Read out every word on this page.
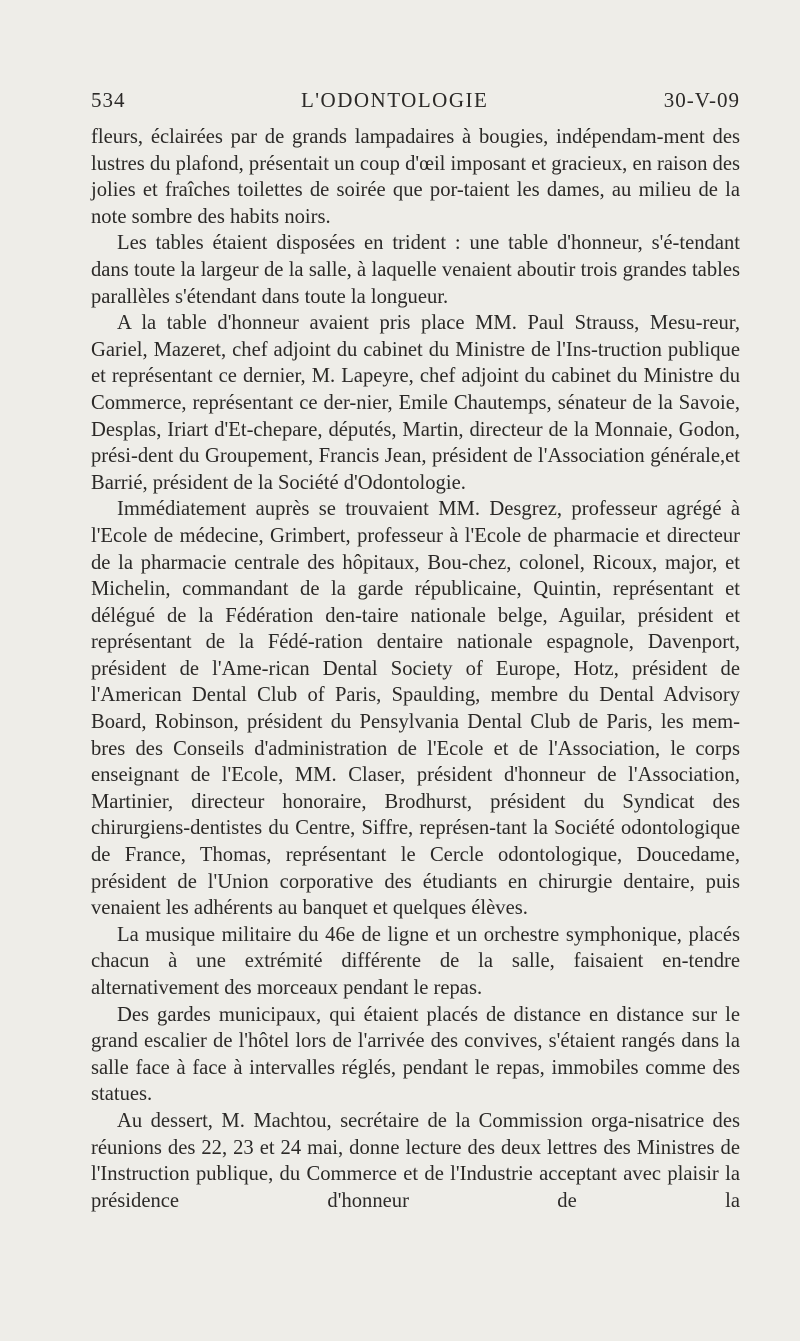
534	L'ODONTOLOGIE	30-V-09

fleurs, éclairées par de grands lampadaires à bougies, indépendam-ment des lustres du plafond, présentait un coup d'œil imposant et gracieux, en raison des jolies et fraîches toilettes de soirée que por-taient les dames, au milieu de la note sombre des habits noirs.

Les tables étaient disposées en trident : une table d'honneur, s'é-tendant dans toute la largeur de la salle, à laquelle venaient aboutir trois grandes tables parallèles s'étendant dans toute la longueur.

A la table d'honneur avaient pris place MM. Paul Strauss, Mesu-reur, Gariel, Mazeret, chef adjoint du cabinet du Ministre de l'Ins-truction publique et représentant ce dernier, M. Lapeyre, chef adjoint du cabinet du Ministre du Commerce, représentant ce der-nier, Emile Chautemps, sénateur de la Savoie, Desplas, Iriart d'Et-chepare, députés, Martin, directeur de la Monnaie, Godon, prési-dent du Groupement, Francis Jean, président de l'Association générale,et Barrié, président de la Société d'Odontologie.

Immédiatement auprès se trouvaient MM. Desgrez, professeur agrégé à l'Ecole de médecine, Grimbert, professeur à l'Ecole de pharmacie et directeur de la pharmacie centrale des hôpitaux, Bou-chez, colonel, Ricoux, major, et Michelin, commandant de la garde républicaine, Quintin, représentant et délégué de la Fédération den-taire nationale belge, Aguilar, président et représentant de la Fédé-ration dentaire nationale espagnole, Davenport, président de l'Ame-rican Dental Society of Europe, Hotz, président de l'American Dental Club of Paris, Spaulding, membre du Dental Advisory Board, Robinson, président du Pensylvania Dental Club de Paris, les mem-bres des Conseils d'administration de l'Ecole et de l'Association, le corps enseignant de l'Ecole, MM. Claser, président d'honneur de l'Association, Martinier, directeur honoraire, Brodhurst, président du Syndicat des chirurgiens-dentistes du Centre, Siffre, représen-tant la Société odontologique de France, Thomas, représentant le Cercle odontologique, Doucedame, président de l'Union corporative des étudiants en chirurgie dentaire, puis venaient les adhérents au banquet et quelques élèves.

La musique militaire du 46e de ligne et un orchestre symphonique, placés chacun à une extrémité différente de la salle, faisaient en-tendre alternativement des morceaux pendant le repas.

Des gardes municipaux, qui étaient placés de distance en distance sur le grand escalier de l'hôtel lors de l'arrivée des convives, s'étaient rangés dans la salle face à face à intervalles réglés, pendant le repas, immobiles comme des statues.

Au dessert, M. Machtou, secrétaire de la Commission orga-nisatrice des réunions des 22, 23 et 24 mai, donne lecture des deux lettres des Ministres de l'Instruction publique, du Commerce et de l'Industrie acceptant avec plaisir la présidence d'honneur de la
